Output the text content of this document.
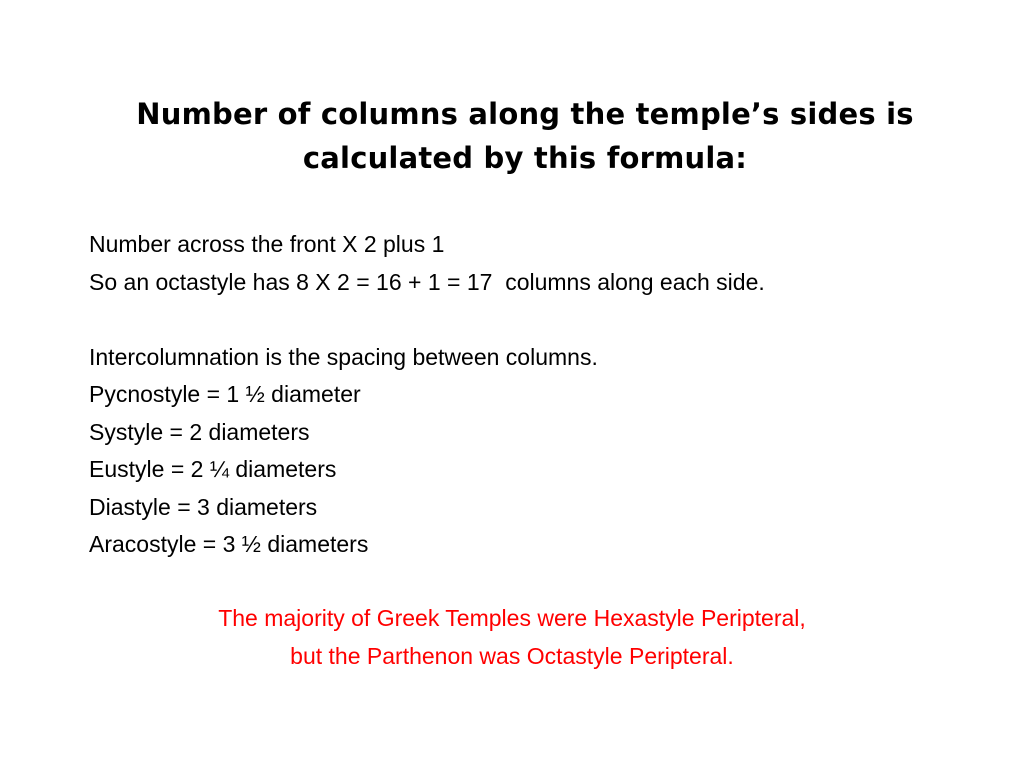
Number of columns along the temple’s sides is
calculated by this formula:
Number across the front X 2 plus 1
So an octastyle has 8 X 2 = 16 + 1 = 17  columns along each side.
Intercolumnation is the spacing between columns.
Pycnostyle = 1 ½ diameter
Systyle = 2 diameters
Eustyle = 2 ¼ diameters
Diastyle = 3 diameters
Aracostyle = 3 ½ diameters
The majority of Greek Temples were Hexastyle Peripteral,
but the Parthenon was Octastyle Peripteral.
